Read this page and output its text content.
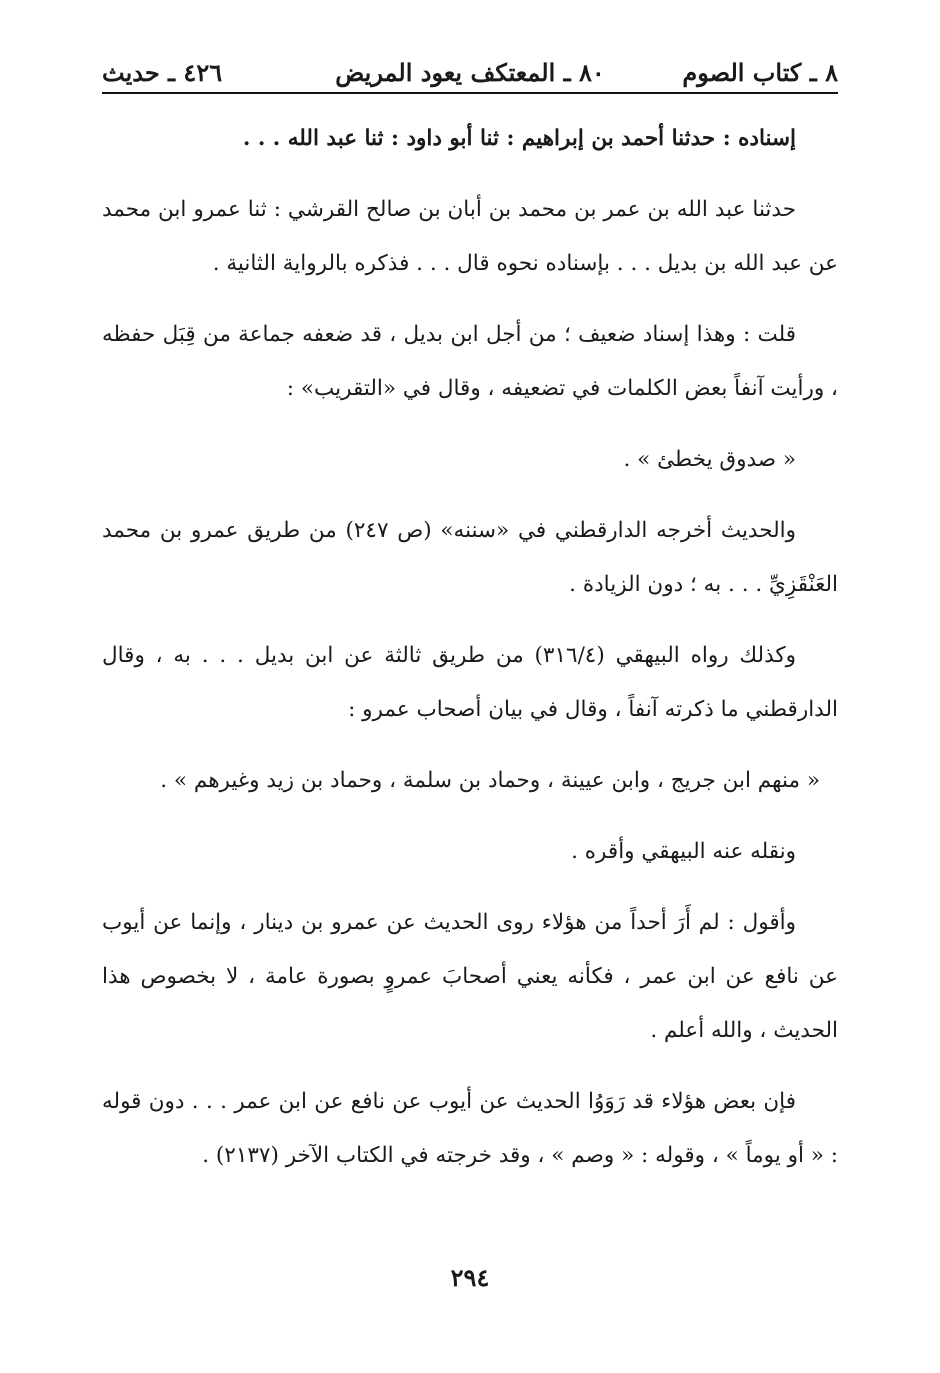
٨ ـ كتاب الصوم
٨٠ ـ المعتكف يعود المريض
٤٢٦ ـ حديث

إسناده : حدثنا أحمد بن إبراهيم : ثنا أبو داود : ثنا عبد الله . . .

حدثنا عبد الله بن عمر بن محمد بن أبان بن صالح القرشي : ثنا عمرو ابن محمد عن عبد الله بن بديل . . . بإسناده نحوه قال . . . فذكره بالرواية الثانية .

قلت : وهذا إسناد ضعيف ؛ من أجل ابن بديل ، قد ضعفه جماعة من قِبَل حفظه ، ورأيت آنفاً بعض الكلمات في تضعيفه ، وقال في «التقريب» :

« صدوق يخطئ » .

والحديث أخرجه الدارقطني في «سننه» (ص ٢٤٧) من طريق عمرو بن محمد العَنْقَزِيِّ . . . به ؛ دون الزيادة .

وكذلك رواه البيهقي (٣١٦/٤) من طريق ثالثة عن ابن بديل . . . به ، وقال الدارقطني ما ذكرته آنفاً ، وقال في بيان أصحاب عمرو :

« منهم ابن جريج ، وابن عيينة ، وحماد بن سلمة ، وحماد بن زيد وغيرهم » .

ونقله عنه البيهقي وأقره .

وأقول : لم أَرَ أحداً من هؤلاء روى الحديث عن عمرو بن دينار ، وإنما عن أيوب عن نافع عن ابن عمر ، فكأنه يعني أصحابَ عمروٍ بصورة عامة ، لا بخصوص هذا الحديث ، والله أعلم .

فإن بعض هؤلاء قد رَوَوُا الحديث عن أيوب عن نافع عن ابن عمر . . . دون قوله : « أو يوماً » ، وقوله : « وصم » ، وقد خرجته في الكتاب الآخر (٢١٣٧) .

٢٩٤
